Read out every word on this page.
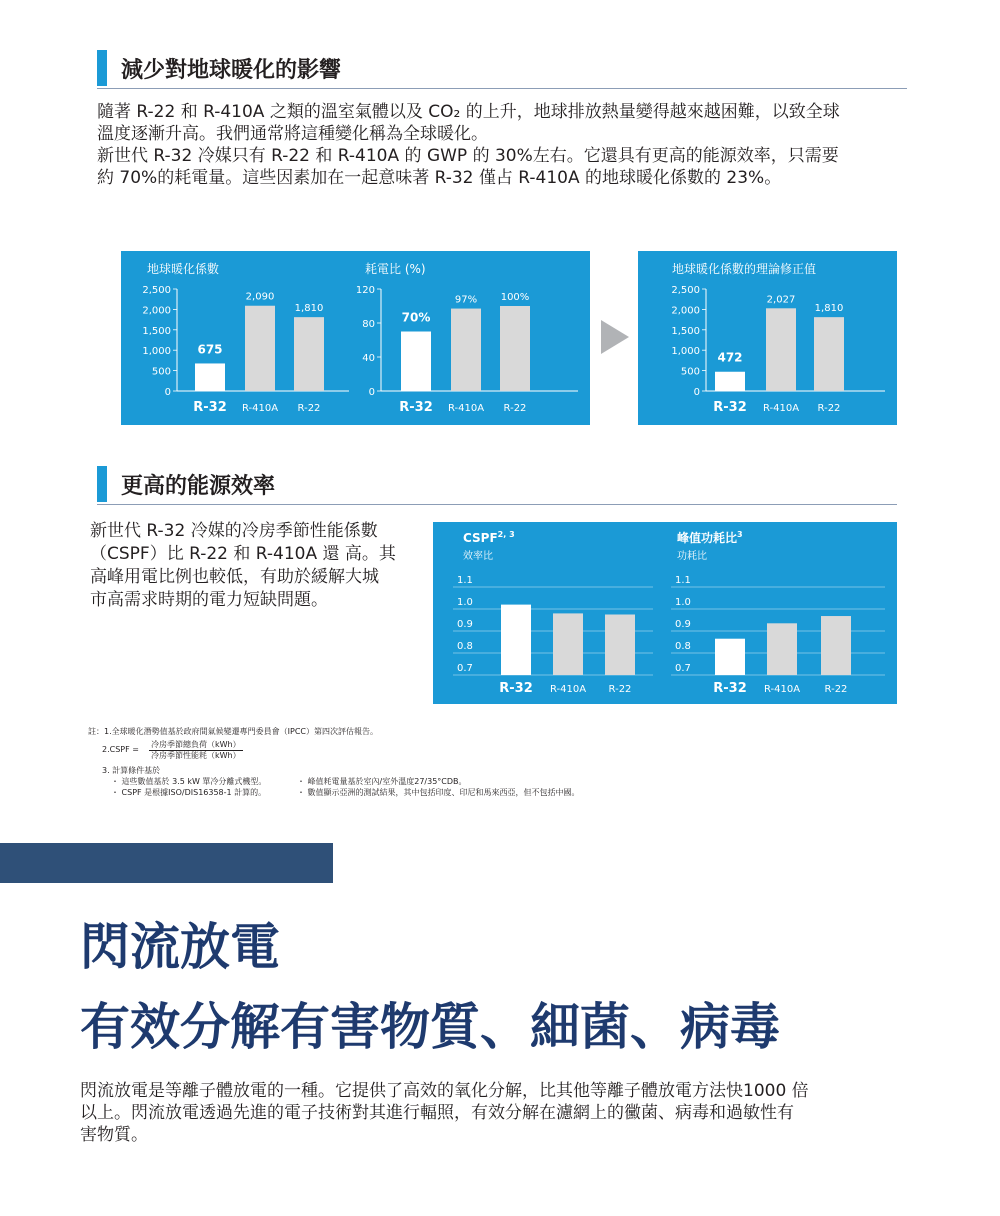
減少對地球暖化的影響

隨著 R-22 和 R-410A 之類的溫室氣體以及 CO₂ 的上升，地球排放熱量變得越來越困難，以致全球

溫度逐漸升高。我們通常將這種變化稱為全球暖化。

新世代 R-32 冷媒只有 R-22 和 R-410A 的 GWP 的 30%左右。它還具有更高的能源效率，只需要

約 70%的耗電量。這些因素加在一起意味著 R-32 僅占 R-410A 的地球暖化係數的 23%。

地球暖化係數
0
500
1,000
1,500
2,000
2,500
675
R-32
2,090
R-410A
1,810
R-22
耗電比 (%)
0
40
80
120
70%
R-32
97%
R-410A
100%
R-22
地球暖化係數的理論修正值
0
500
1,000
1,500
2,000
2,500
472
R-32
2,027
R-410A
1,810
R-22
更高的能源效率

新世代 R-32 冷媒的冷房季節性能係數

（CSPF）比 R-22 和 R-410A 還 高。其

高峰用電比例也較低，有助於緩解大城

市高需求時期的電力短缺問題。

CSPF$^{2, 3}$
效率比
0.7
0.8
0.9
1.0
1.1
R-32 R-410A R-22
峰值功耗比$^3$
功耗比
0.7
0.8
0.9
1.0
1.1
R-32 R-410A R-22
註：1.全球暖化潛勢值基於政府間氣候變遷專門委員會（IPCC）第四次評估報告。
2.CSPF =
冷房季節總負荷（kWh）
冷房季節性能耗（kWh）
3. 計算條件基於
・ 這些數值基於 3.5 kW 單冷分離式機型。
・ CSPF 是根據ISO/DIS16358-1 計算的。
・ 峰值耗電量基於室內/室外溫度27/35°CDB。
・ 數值顯示亞洲的測試結果，其中包括印度、印尼和馬來西亞，但不包括中國。
閃流放電
有效分解有害物質、細菌、病毒

閃流放電是等離子體放電的一種。它提供了高效的氧化分解，比其他等離子體放電方法快1000 倍

以上。閃流放電透過先進的電子技術對其進行輻照，有效分解在濾網上的黴菌、病毒和過敏性有

害物質。
